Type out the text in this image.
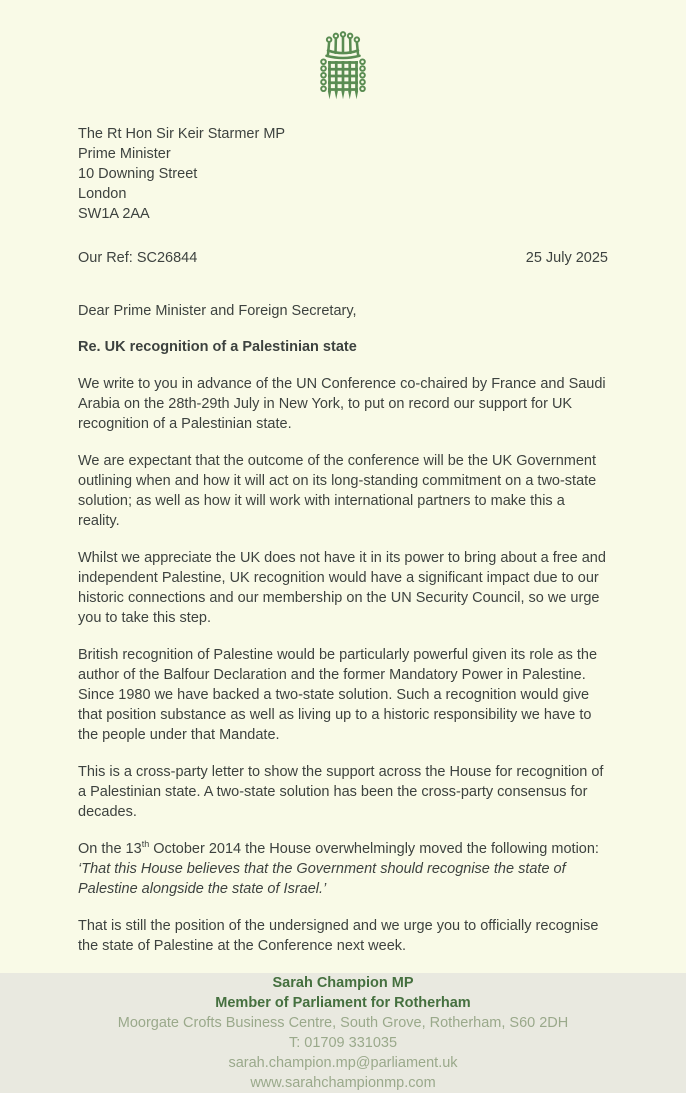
The Rt Hon Sir Keir Starmer MP
Prime Minister
10 Downing Street
London
SW1A 2AA
Our Ref: SC26844	25 July 2025

Dear Prime Minister and Foreign Secretary,

Re. UK recognition of a Palestinian state

We write to you in advance of the UN Conference co-chaired by France and Saudi Arabia on the 28th-29th July in New York, to put on record our support for UK recognition of a Palestinian state.

We are expectant that the outcome of the conference will be the UK Government outlining when and how it will act on its long-standing commitment on a two-state solution; as well as how it will work with international partners to make this a reality.

Whilst we appreciate the UK does not have it in its power to bring about a free and independent Palestine, UK recognition would have a significant impact due to our historic connections and our membership on the UN Security Council, so we urge you to take this step.

British recognition of Palestine would be particularly powerful given its role as the author of the Balfour Declaration and the former Mandatory Power in Palestine. Since 1980 we have backed a two-state solution. Such a recognition would give that position substance as well as living up to a historic responsibility we have to the people under that Mandate.

This is a cross-party letter to show the support across the House for recognition of a Palestinian state. A two-state solution has been the cross-party consensus for decades.

On the 13th October 2014 the House overwhelmingly moved the following motion: ‘That this House believes that the Government should recognise the state of Palestine alongside the state of Israel.’

That is still the position of the undersigned and we urge you to officially recognise the state of Palestine at the Conference next week.

Sarah Champion MP
Member of Parliament for Rotherham
Moorgate Crofts Business Centre, South Grove, Rotherham, S60 2DH
T: 01709 331035
sarah.champion.mp@parliament.uk
www.sarahchampionmp.com
